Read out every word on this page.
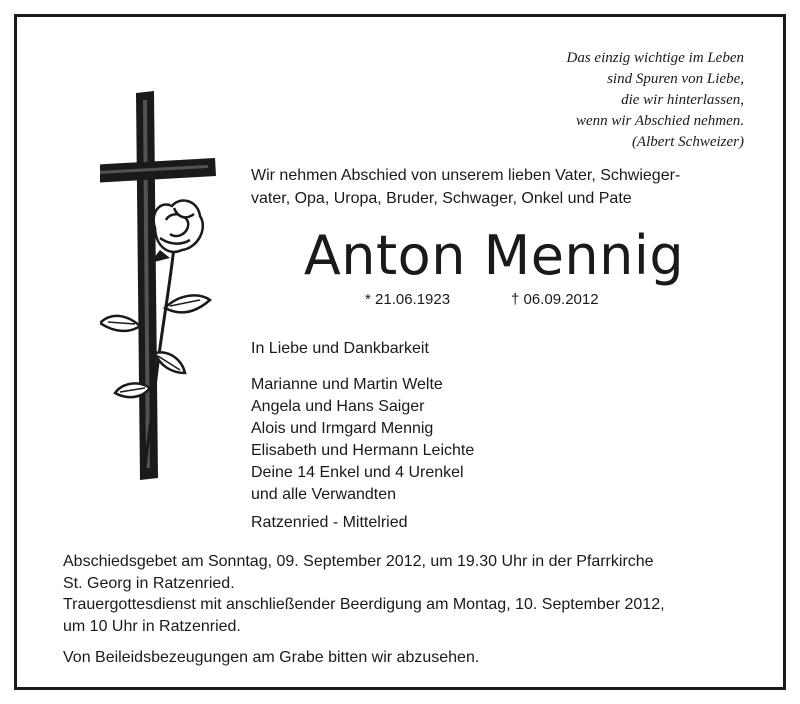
Das einzig wichtige im Leben
sind Spuren von Liebe,
die wir hinterlassen,
wenn wir Abschied nehmen.
(Albert Schweizer)
Wir nehmen Abschied von unserem lieben Vater, Schwieger-
vater, Opa, Uropa, Bruder, Schwager, Onkel und Pate
Anton Mennig
* 21.06.1923	† 06.09.2012
In Liebe und Dankbarkeit
Marianne und Martin Welte
Angela und Hans Saiger
Alois und Irmgard Mennig
Elisabeth und Hermann Leichte
Deine 14 Enkel und 4 Urenkel
und alle Verwandten
Ratzenried - Mittelried
Abschiedsgebet am Sonntag, 09. September 2012, um 19.30 Uhr in der Pfarrkirche
St. Georg in Ratzenried.
Trauergottesdienst mit anschließender Beerdigung am Montag, 10. September 2012,
um 10 Uhr in Ratzenried.
Von Beileidsbezeugungen am Grabe bitten wir abzusehen.
